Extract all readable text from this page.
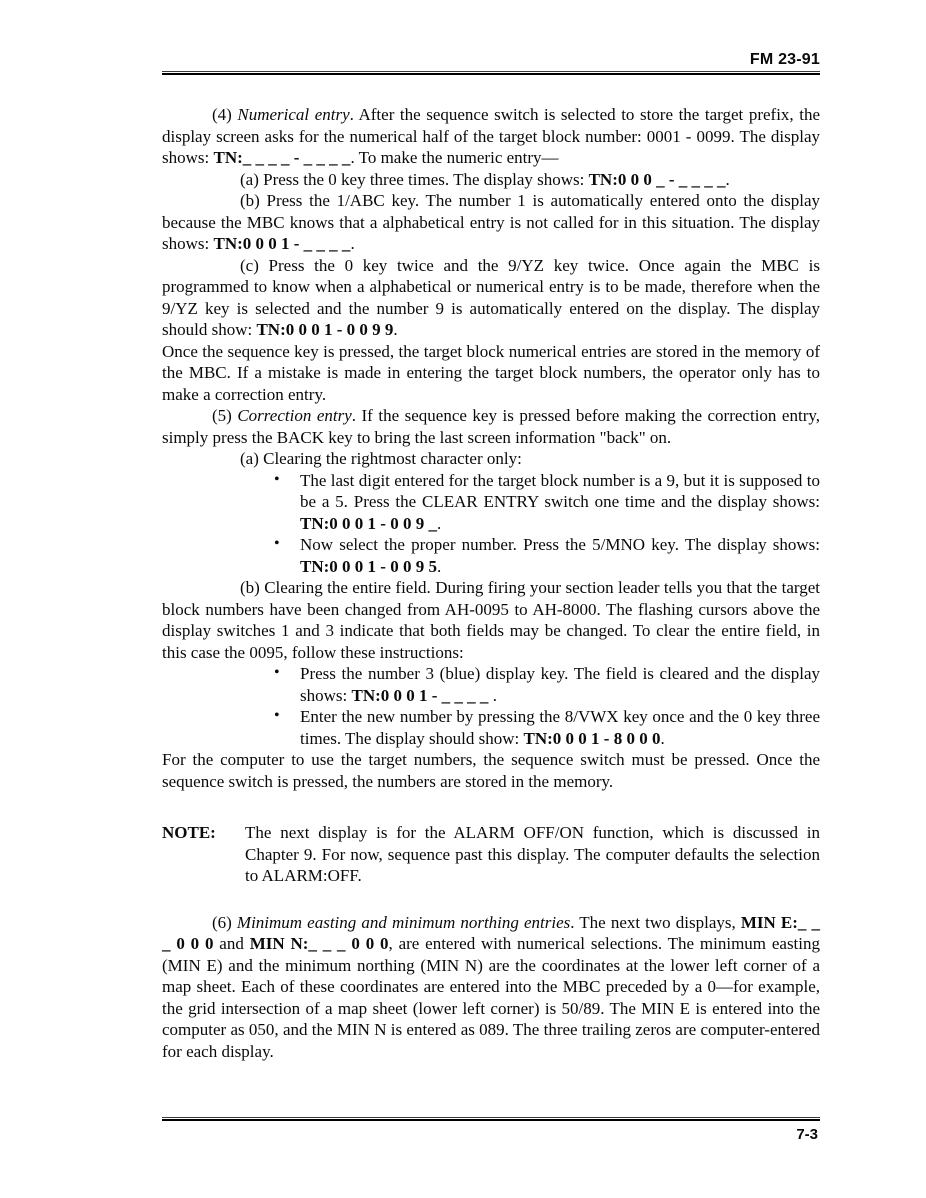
FM 23-91
(4) Numerical entry. After the sequence switch is selected to store the target prefix, the display screen asks for the numerical half of the target block number: 0001 - 0099. The display shows: TN:_ _ _ _ - _ _ _ _. To make the numeric entry—
(a) Press the 0 key three times. The display shows: TN:0 0 0 _ - _ _ _ _.
(b) Press the 1/ABC key. The number 1 is automatically entered onto the display because the MBC knows that a alphabetical entry is not called for in this situation. The display shows: TN:0 0 0 1 - _ _ _ _.
(c) Press the 0 key twice and the 9/YZ key twice. Once again the MBC is programmed to know when a alphabetical or numerical entry is to be made, therefore when the 9/YZ key is selected and the number 9 is automatically entered on the display. The display should show: TN:0 0 0 1 - 0 0 9 9.
Once the sequence key is pressed, the target block numerical entries are stored in the memory of the MBC. If a mistake is made in entering the target block numbers, the operator only has to make a correction entry.
(5) Correction entry. If the sequence key is pressed before making the correction entry, simply press the BACK key to bring the last screen information "back" on.
(a) Clearing the rightmost character only:
• The last digit entered for the target block number is a 9, but it is supposed to be a 5. Press the CLEAR ENTRY switch one time and the display shows: TN:0 0 0 1 - 0 0 9 _.
• Now select the proper number. Press the 5/MNO key. The display shows: TN:0 0 0 1 - 0 0 9 5.
(b) Clearing the entire field. During firing your section leader tells you that the target block numbers have been changed from AH-0095 to AH-8000. The flashing cursors above the display switches 1 and 3 indicate that both fields may be changed. To clear the entire field, in this case the 0095, follow these instructions:
• Press the number 3 (blue) display key. The field is cleared and the display shows: TN:0 0 0 1 - _ _ _ _ .
• Enter the new number by pressing the 8/VWX key once and the 0 key three times. The display should show: TN:0 0 0 1 - 8 0 0 0.
For the computer to use the target numbers, the sequence switch must be pressed. Once the sequence switch is pressed, the numbers are stored in the memory.
NOTE: The next display is for the ALARM OFF/ON function, which is discussed in Chapter 9. For now, sequence past this display. The computer defaults the selection to ALARM:OFF.
(6) Minimum easting and minimum northing entries. The next two displays, MIN E:_ _ _ 0 0 0 and MIN N:_ _ _ 0 0 0, are entered with numerical selections. The minimum easting (MIN E) and the minimum northing (MIN N) are the coordinates at the lower left corner of a map sheet. Each of these coordinates are entered into the MBC preceded by a 0—for example, the grid intersection of a map sheet (lower left corner) is 50/89. The MIN E is entered into the computer as 050, and the MIN N is entered as 089. The three trailing zeros are computer-entered for each display.
7-3
